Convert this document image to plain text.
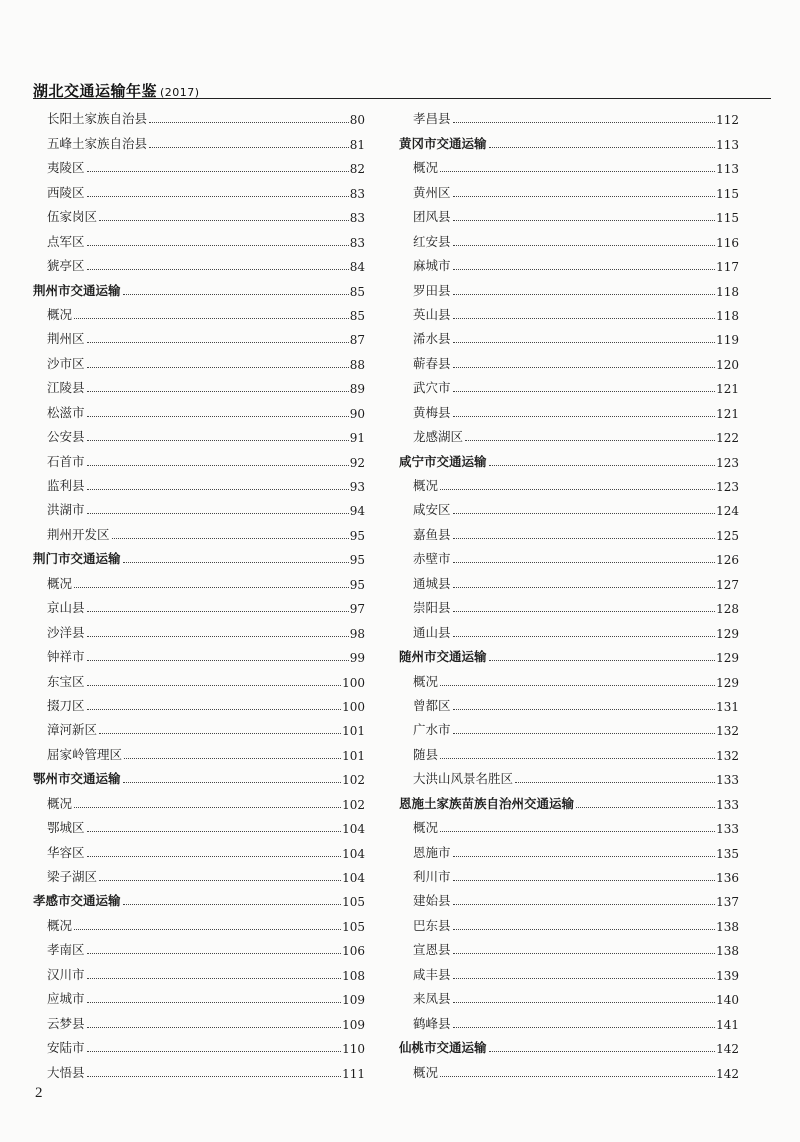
湖北交通运输年鉴 (2017)
长阳土家族自治县	80
五峰土家族自治县	81
夷陵区	82
西陵区	83
伍家岗区	83
点军区	83
猇亭区	84
荆州市交通运输	85
概况	85
荆州区	87
沙市区	88
江陵县	89
松滋市	90
公安县	91
石首市	92
监利县	93
洪湖市	94
荆州开发区	95
荆门市交通运输	95
概况	95
京山县	97
沙洋县	98
钟祥市	99
东宝区	100
掇刀区	100
漳河新区	101
屈家岭管理区	101
鄂州市交通运输	102
概况	102
鄂城区	104
华容区	104
梁子湖区	104
孝感市交通运输	105
概况	105
孝南区	106
汉川市	108
应城市	109
云梦县	109
安陆市	110
大悟县	111
孝昌县	112
黄冈市交通运输	113
概况	113
黄州区	115
团风县	115
红安县	116
麻城市	117
罗田县	118
英山县	118
浠水县	119
蕲春县	120
武穴市	121
黄梅县	121
龙感湖区	122
咸宁市交通运输	123
概况	123
咸安区	124
嘉鱼县	125
赤壁市	126
通城县	127
崇阳县	128
通山县	129
随州市交通运输	129
概况	129
曾都区	131
广水市	132
随县	132
大洪山风景名胜区	133
恩施土家族苗族自治州交通运输	133
概况	133
恩施市	135
利川市	136
建始县	137
巴东县	138
宣恩县	138
咸丰县	139
来凤县	140
鹤峰县	141
仙桃市交通运输	142
概况	142
2
